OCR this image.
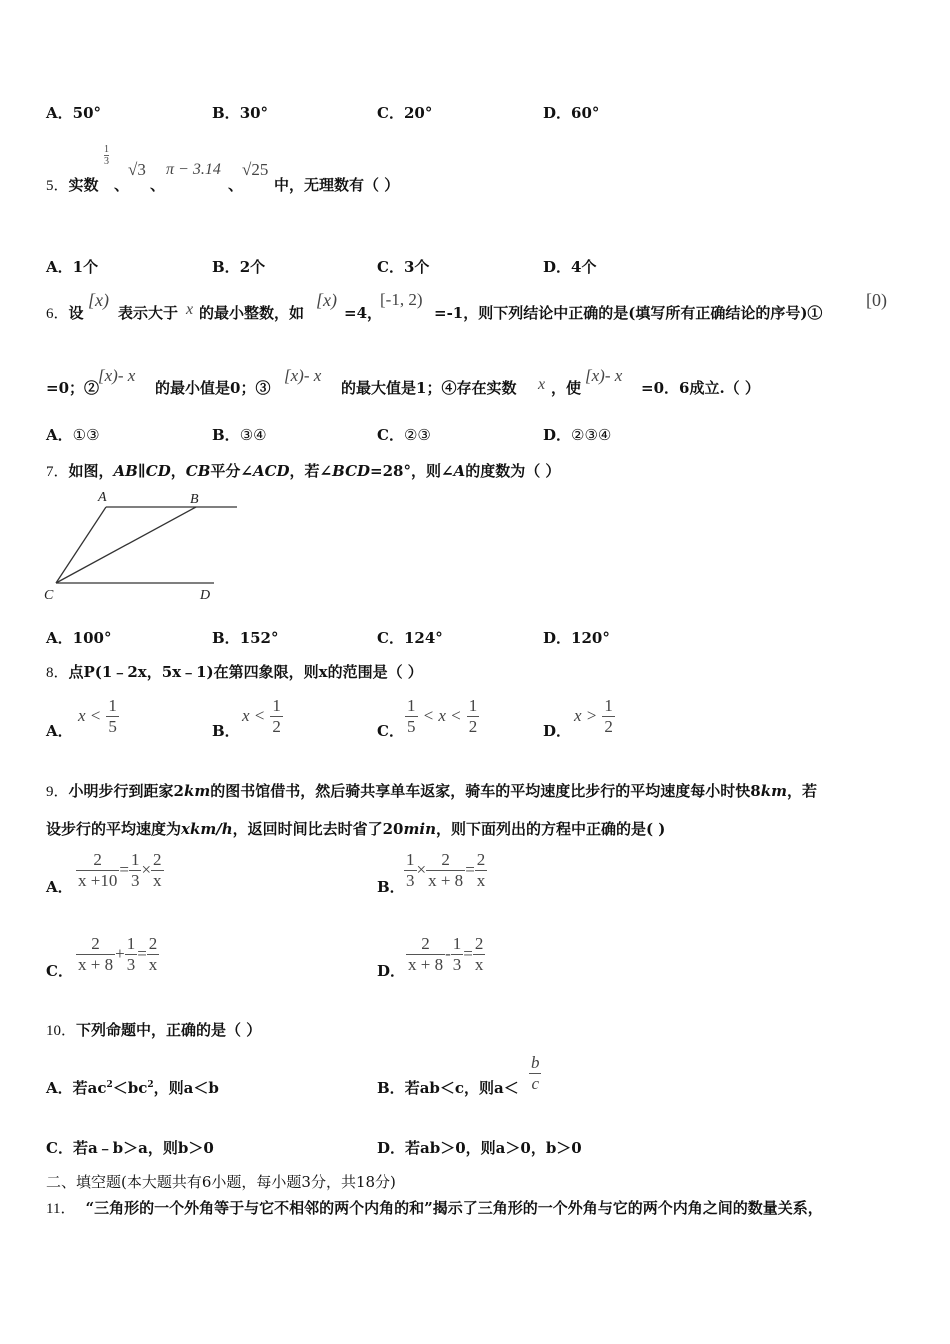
A．50°	B．30°	C．20°	D．60°
5．实数
1
3
、
√3
、
π − 3.14
、
√25
中，无理数有（ ）
A．1个	B．2个	C．3个	D．4个
6．设
[x)
表示大于 x 的最小整数，如
[x)
=4，
[-1, 2)
=-1，则下列结论中正确的是(填写所有正确结论的序号)①
[0)
=0；②
[x)- x
的最小值是0；③
[x)- x
的最大值是1；④存在实数 x ，使
[x)- x
=0．6成立.（ ）
A．①③	B．③④	C．②③	D．②③④
7．如图，AB∥CD，CB平分∠ACD，若∠BCD=28°，则∠A的度数为（ ）
A	B
C	D
A．100°	B．152°	C．124°	D．120°
8．点P(1﹣2x，5x﹣1)在第四象限，则x的范围是（ ）
A．
$x < \frac{1}{5}$	B．
$x < \frac{1}{2}$	C． $\frac{1}{5} < x < \frac{1}{2}$	D．
$x > \frac{1}{2}$
9．小明步行到距家2km的图书馆借书，然后骑共享单车返家，骑车的平均速度比步行的平均速度每小时快8km，若
设步行的平均速度为xkm/h，返回时间比去时省了20min，则下面列出的方程中正确的是( )
A． $\frac{2}{x +10} = \frac{1}{3} \times \frac{2}{x}$	B． $\frac{1}{3} \times \frac{2}{x + 8} = \frac{2}{x}$
C． $\frac{2}{x + 8} + \frac{1}{3} = \frac{2}{x}$	D． $\frac{2}{x + 8} - \frac{1}{3} = \frac{2}{x}$
10．下列命题中，正确的是（ ）
A．若$ac^2<bc^2$，则a＜b	B．若ab＜c，则$a< \frac{b}{c}$
C．若a﹣b＞a，则b＞0	D．若ab＞0，则a＞0，b＞0
二、填空题(本大题共有6小题，每小题3分，共18分)
11． “三角形的一个外角等于与它不相邻的两个内角的和”揭示了三角形的一个外角与它的两个内角之间的数量关系，
